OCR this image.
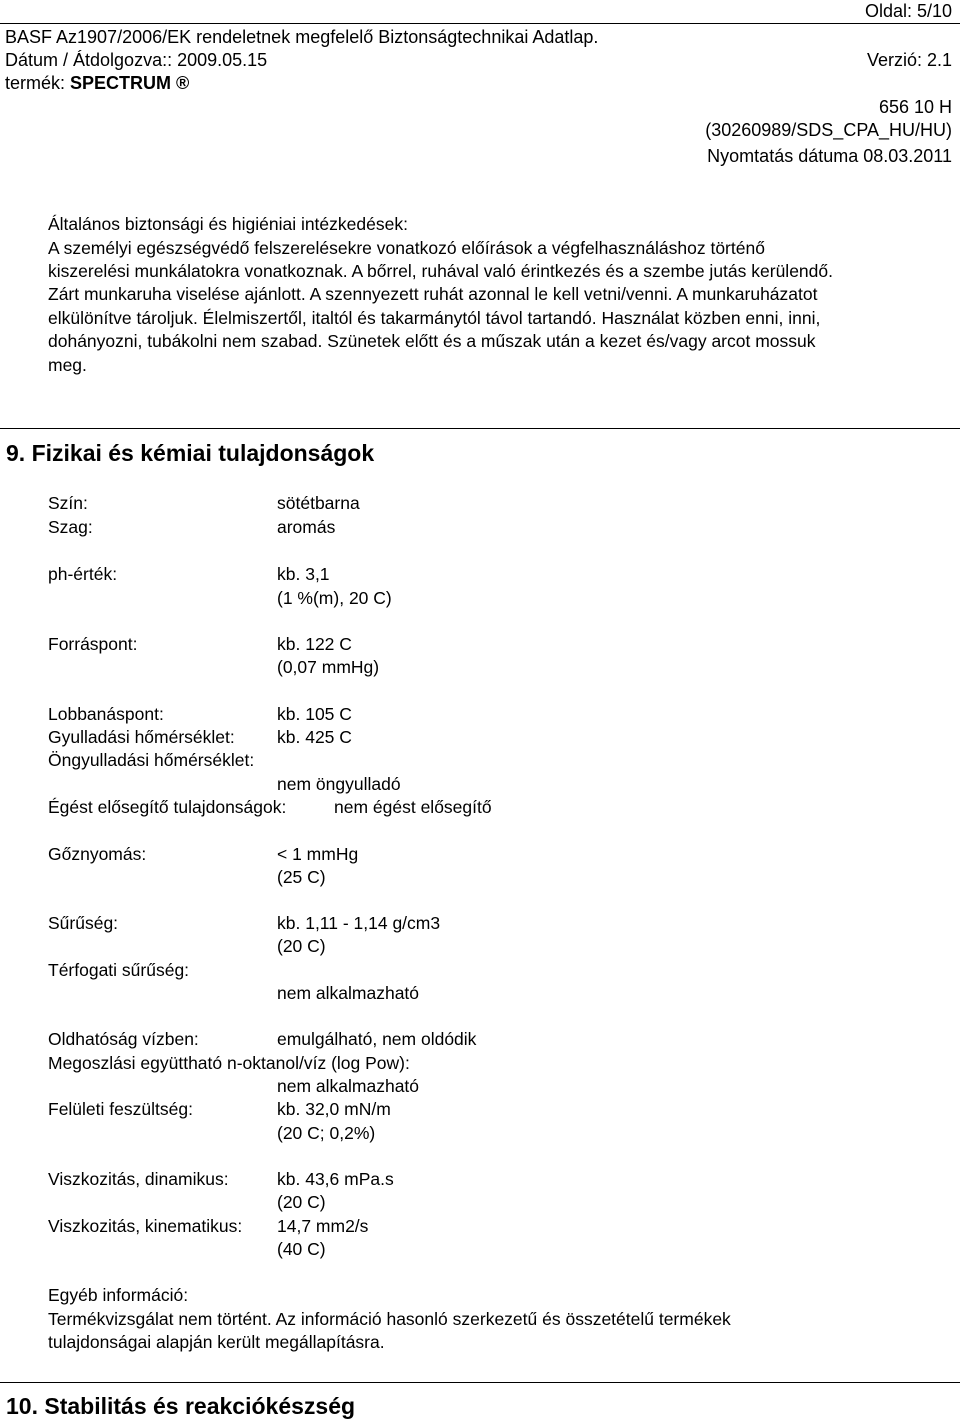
Oldal: 5/10
BASF Az1907/2006/EK rendeletnek megfelelő Biztonságtechnikai Adatlap.
Dátum / Átdolgozva:: 2009.05.15	Verzió: 2.1
termék: SPECTRUM ®
656 10 H
(30260989/SDS_CPA_HU/HU)
Nyomtatás dátuma 08.03.2011
Általános biztonsági és higiéniai intézkedések:
A személyi egészségvédő felszerelésekre vonatkozó előírások a végfelhasználáshoz történő
kiszerelési munkálatokra vonatkoznak. A bőrrel, ruhával való érintkezés és a szembe jutás kerülendő.
Zárt munkaruha viselése ajánlott. A szennyezett ruhát azonnal le kell vetni/venni. A munkaruházatot
elkülönítve tároljuk. Élelmiszertől, italtól és takarmánytól távol tartandó. Használat közben enni, inni,
dohányozni, tubákolni nem szabad. Szünetek előtt és a műszak után a kezet és/vagy arcot mossuk
meg.
9. Fizikai és kémiai tulajdonságok
Szín:	sötétbarna
Szag:	aromás
ph-érték:	kb. 3,1
(1 %(m), 20 C)
Forráspont:	kb. 122 C
(0,07 mmHg)
Lobbanáspont:	kb. 105 C
Gyulladási hőmérséklet: kb. 425 C
Öngyulladási hőmérséklet:
nem öngyulladó
Égést elősegítő tulajdonságok:	nem égést elősegítő
Gőznyomás:	< 1 mmHg
(25 C)
Sűrűség:	kb. 1,11 - 1,14 g/cm3
(20 C)
Térfogati sűrűség:
nem alkalmazható
Oldhatóság vízben:	emulgálható, nem oldódik
Megoszlási együttható n-oktanol/víz (log Pow):
nem alkalmazható
Felületi feszültség:	kb. 32,0 mN/m
(20 C; 0,2%)
Viszkozitás, dinamikus:	kb. 43,6 mPa.s
(20 C)
Viszkozitás, kinematikus: 14,7 mm2/s
(40 C)
Egyéb információ:
Termékvizsgálat nem történt. Az információ hasonló szerkezetű és összetételű termékek
tulajdonságai alapján került megállapításra.
10. Stabilitás és reakciókészség
